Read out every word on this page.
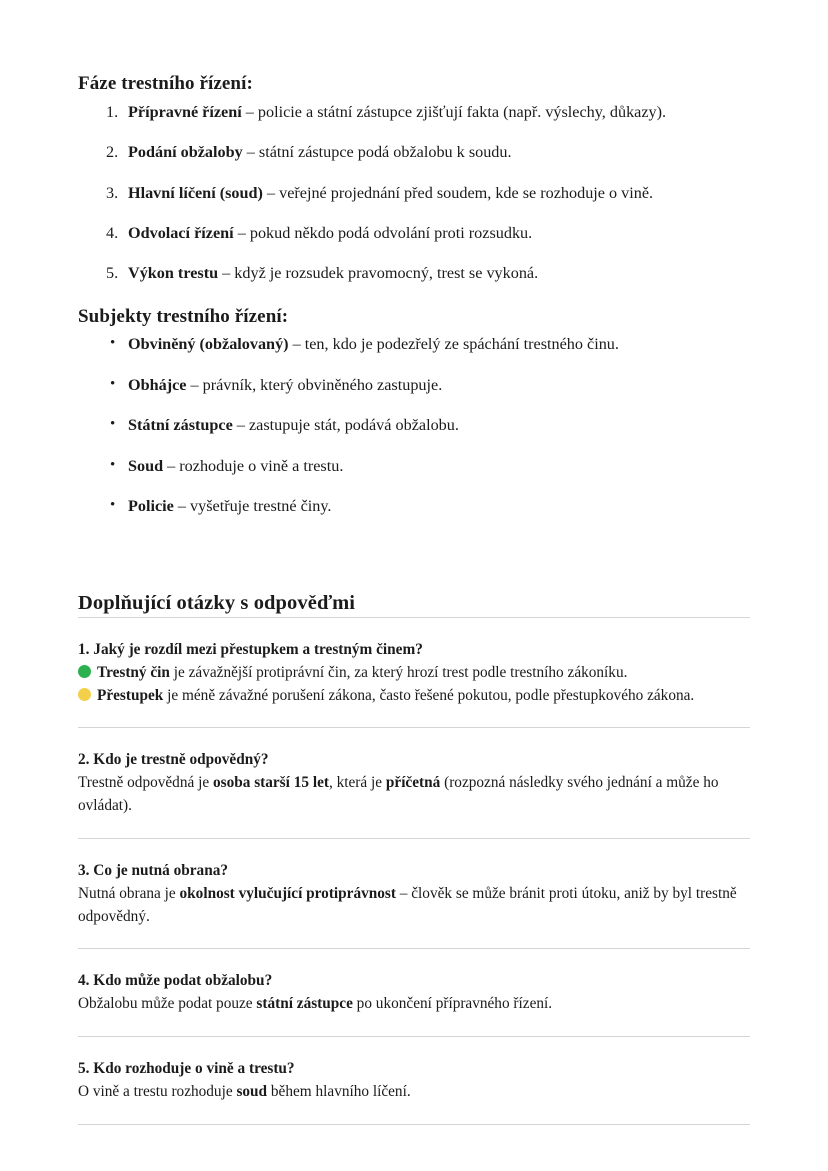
Fáze trestního řízení:
1. Přípravné řízení – policie a státní zástupce zjišťují fakta (např. výslechy, důkazy).
2. Podání obžaloby – státní zástupce podá obžalobu k soudu.
3. Hlavní líčení (soud) – veřejné projednání před soudem, kde se rozhoduje o vině.
4. Odvolací řízení – pokud někdo podá odvolání proti rozsudku.
5. Výkon trestu – když je rozsudek pravomocný, trest se vykoná.
Subjekty trestního řízení:
• Obviněný (obžalovaný) – ten, kdo je podezřelý ze spáchání trestného činu.
• Obhájce – právník, který obviněného zastupuje.
• Státní zástupce – zastupuje stát, podává obžalobu.
• Soud – rozhoduje o vině a trestu.
• Policie – vyšetřuje trestné činy.
Doplňující otázky s odpověďmi

1. Jaký je rozdíl mezi přestupkem a trestným činem?

Trestný čin je závažnější protiprávní čin, za který hrozí trest podle trestního zákoníku.

Přestupek je méně závažné porušení zákona, často řešené pokutou, podle přestupkového zákona.

2. Kdo je trestně odpovědný?

Trestně odpovědná je osoba starší 15 let, která je příčetná (rozpozná následky svého jednání a může ho ovládat).

3. Co je nutná obrana?

Nutná obrana je okolnost vylučující protiprávnost – člověk se může bránit proti útoku, aniž by byl trestně odpovědný.

4. Kdo může podat obžalobu?

Obžalobu může podat pouze státní zástupce po ukončení přípravného řízení.

5. Kdo rozhoduje o vině a trestu?

O vině a trestu rozhoduje soud během hlavního líčení.
